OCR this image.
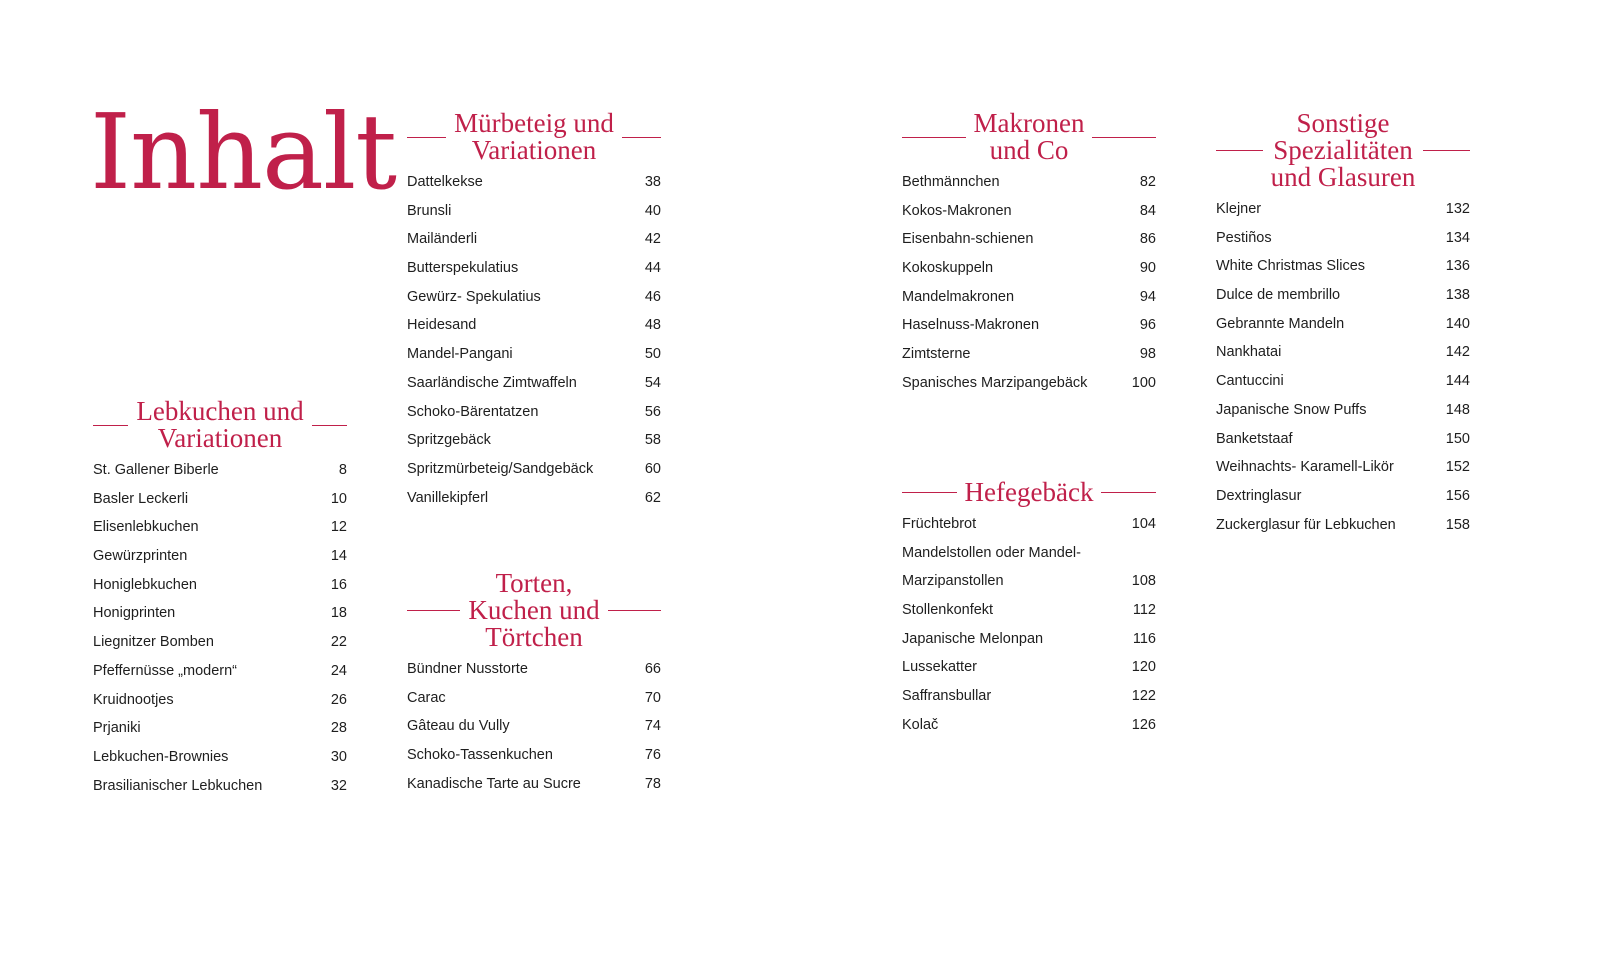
Inhalt
Lebkuchen und
Variationen
St. Gallener Biberle	8
Basler Leckerli	10
Elisenlebkuchen	12
Gewürzprinten	14
Honiglebkuchen	16
Honigprinten	18
Liegnitzer Bomben	22
Pfeffernüsse „modern“	24
Kruidnootjes	26
Prjaniki	28
Lebkuchen-Brownies	30
Brasilianischer Lebkuchen	32
Mürbeteig und
Variationen
Dattelkekse	38
Brunsli	40
Mailänderli	42
Butterspekulatius	44
Gewürz- Spekulatius	46
Heidesand	48
Mandel-Pangani	50
Saarländische Zimtwaffeln	54
Schoko-Bärentatzen	56
Spritzgebäck	58
Spritzmürbeteig/Sandgebäck	60
Vanillekipferl	62
Torten,
Kuchen und
Törtchen
Bündner Nusstorte	66
Carac	70
Gâteau du Vully	74
Schoko-Tassenkuchen	76
Kanadische Tarte au Sucre	78
Makronen
und Co
Bethmännchen	82
Kokos-Makronen	84
Eisenbahn-schienen	86
Kokoskuppeln	90
Mandelmakronen	94
Haselnuss-Makronen	96
Zimtsterne	98
Spanisches Marzipangebäck	100
Hefegebäck
Früchtebrot	104
Mandelstollen oder Mandel-
Marzipanstollen	108
Stollenkonfekt	112
Japanische Melonpan	116
Lussekatter	120
Saffransbullar	122
Kolač	126
Sonstige
Spezialitäten
und Glasuren
Klejner	132
Pestiños	134
White Christmas Slices	136
Dulce de membrillo	138
Gebrannte Mandeln	140
Nankhatai	142
Cantuccini	144
Japanische Snow Puffs	148
Banketstaaf	150
Weihnachts- Karamell-Likör	152
Dextringlasur	156
Zuckerglasur für Lebkuchen	158
